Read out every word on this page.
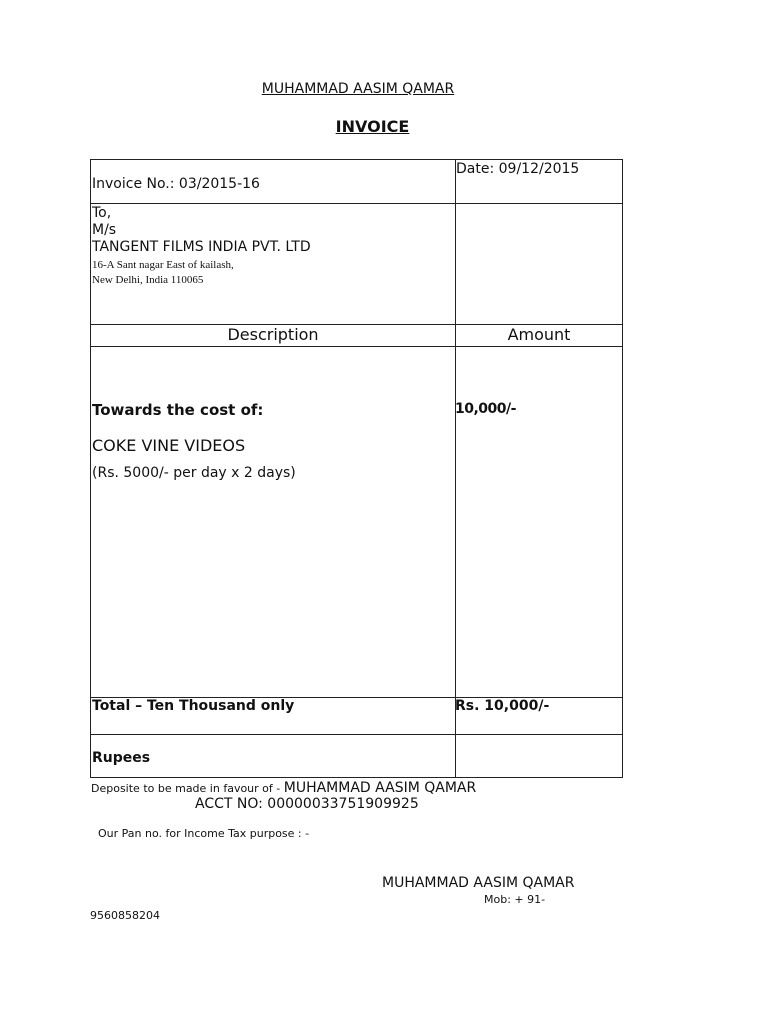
MUHAMMAD AASIM QAMAR
INVOICE
Invoice No.: 03/2015-16
Date: 09/12/2015
To,
M/s
TANGENT FILMS INDIA PVT. LTD
16-A Sant nagar East of kailash,
New Delhi, India 110065
Description	Amount
Towards the cost of:
COKE VINE VIDEOS
(Rs. 5000/- per day x 2 days)
10,000/-
Total – Ten Thousand only	Rs. 10,000/-
Rupees
Deposite to be made in favour of - MUHAMMAD AASIM QAMAR
ACCT NO: 00000033751909925
Our Pan no. for Income Tax purpose : -
MUHAMMAD AASIM QAMAR
Mob: + 91-
9560858204
